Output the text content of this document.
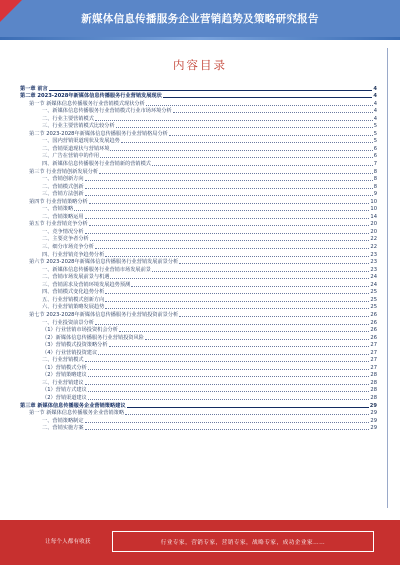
新媒体信息传播服务企业营销趋势及策略研究报告
内容目录
第一章 前言	4
第二章 2023-2028年新媒体信息传播服务行业营销发展现状	4
第一节 新媒体信息传播服务行业营销模式现状分析	4
一、新媒体信息传播服务行业营销模式行业市场环境分析	4
二、行业主要营销模式	4
三、行业主要营销模式比较分析	5
第二节 2023-2028年新媒体信息传播服务行业营销格局分析	5
一、国内营销渠道现状及发展趋势	5
二、营销渠道现状与营销环境	6
三、广告在营销中的作用	6
四、新媒体信息传播服务行业营销新的营销模式	7
第三节 行业营销创新发展分析	8
一、营销创新方向	8
二、营销模式创新	8
三、营销方法创新	9
第四节 行业营销策略分析	10
一、营销策略	10
二、营销策略运用	14
第五节 行业营销竞争分析	20
一、竞争情况分析	20
二、主要竞争者分析	22
三、细分市场竞争分析	22
四、行业营销竞争趋势分析	23
第六节 2023-2028年新媒体信息传播服务行业营销发展前景分析	23
一、新媒体信息传播服务行业营销市场发展前景	23
二、营销市场发展前景与机遇	24
三、营销需求及营销环境发展趋势预测	24
四、营销模式变化趋势分析	25
五、行业营销模式创新方向	25
六、行业营销策略发展趋势	25
第七节 2023-2028年新媒体信息传播服务行业营销投资前景分析	26
一、行业投资前景分析	26
（1）行业营销市场投资机会分析	26
（2）新媒体信息传播服务行业营销投资风险	26
（3）营销模式投资策略分析	27
（4）行业营销投资建议	27
二、行业营销模式	27
（1）营销模式分析	27
（2）营销策略建议	28
三、行业营销建议	28
（1）营销方式建议	28
（2）营销渠道建议	28
第三章 新媒体信息传播服务企业营销策略建议	29
第一节 新媒体信息传播服务企业营销策略	29
一、营销策略制定	29
二、营销实施方案	29
让每个人都有收获	行业专家，营销专家，营销专家，战略专家，成功企业家……
